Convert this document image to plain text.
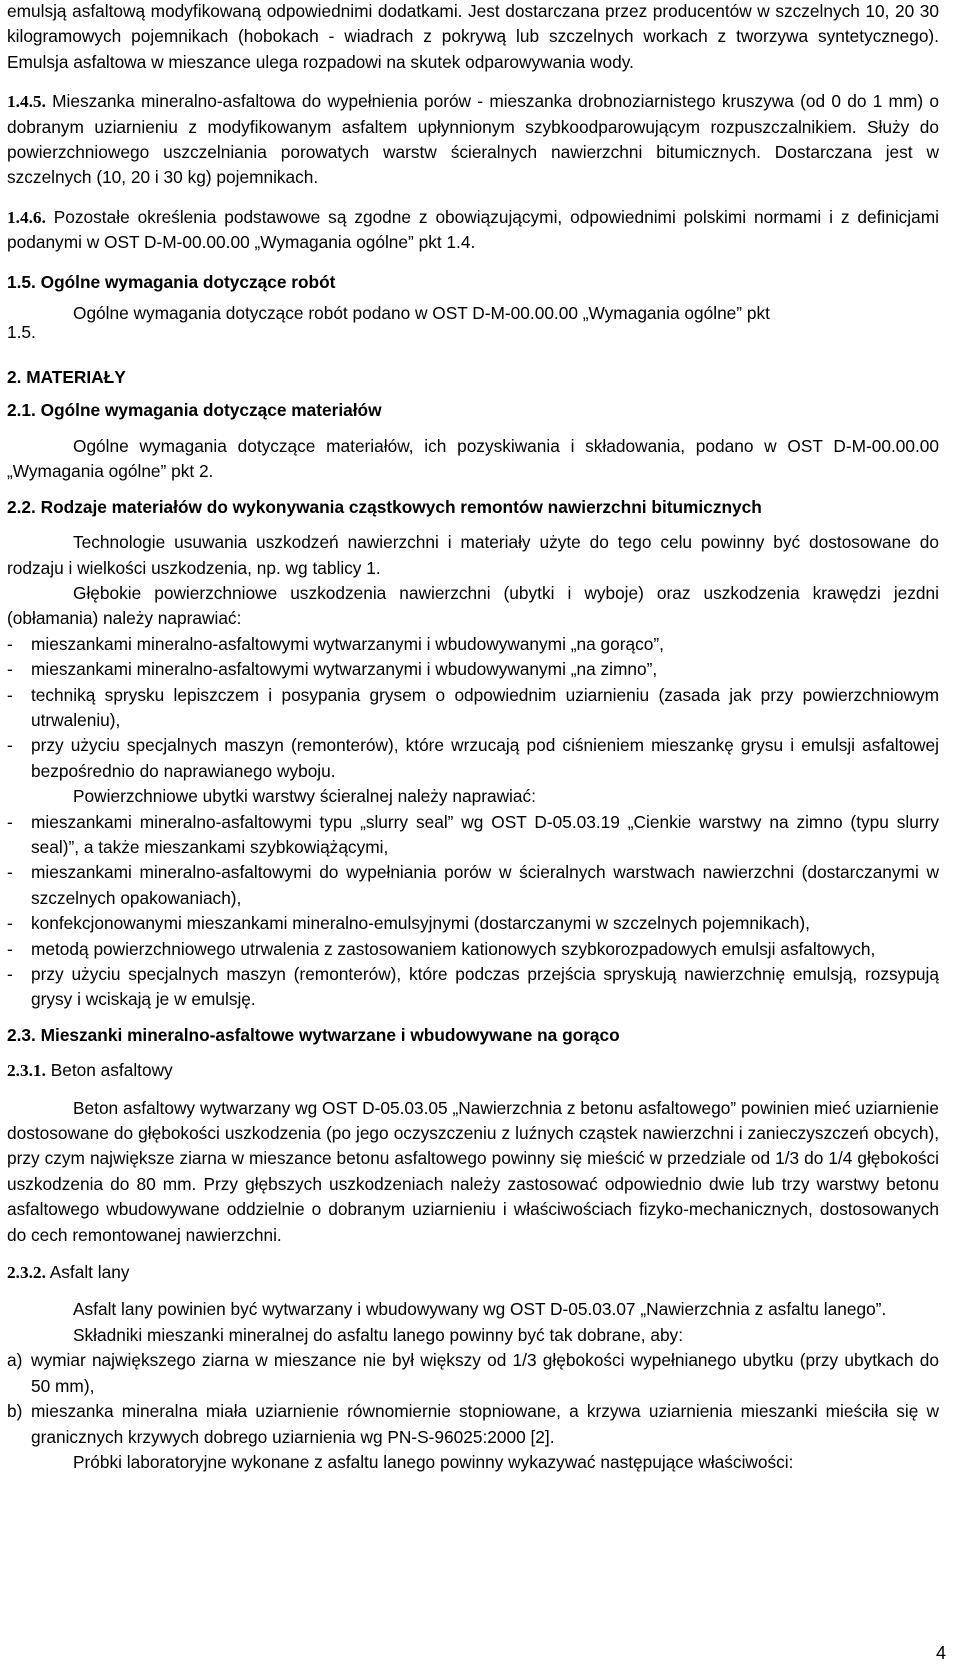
emulsją asfaltową modyfikowaną odpowiednimi dodatkami. Jest dostarczana przez producentów w szczelnych 10, 20 30 kilogramowych pojemnikach (hobokach - wiadrach z pokrywą lub szczelnych workach z tworzywa syntetycznego). Emulsja asfaltowa w mieszance ulega rozpadowi na skutek odparowywania wody.

1.4.5. Mieszanka mineralno-asfaltowa do wypełnienia porów - mieszanka drobnoziarnistego kruszywa (od 0 do 1 mm) o dobranym uziarnieniu z modyfikowanym asfaltem upłynnionym szybkoodparowującym rozpuszczalnikiem. Służy do powierzchniowego uszczelniania porowatych warstw ścieralnych nawierzchni bitumicznych. Dostarczana jest w szczelnych (10, 20 i 30 kg) pojemnikach.

1.4.6. Pozostałe określenia podstawowe są zgodne z obowiązującymi, odpowiednimi polskimi normami i z definicjami podanymi w OST D-M-00.00.00 „Wymagania ogólne” pkt 1.4.

1.5. Ogólne wymagania dotyczące robót

1.5.
Ogólne wymagania dotyczące robót podano w OST D-M-00.00.00 „Wymagania ogólne” pkt

2. MATERIAŁY

2.1. Ogólne wymagania dotyczące materiałów

Ogólne wymagania dotyczące materiałów, ich pozyskiwania i składowania, podano w OST D-M-00.00.00 „Wymagania ogólne” pkt 2.

2.2. Rodzaje materiałów do wykonywania cząstkowych remontów nawierzchni bitumicznych

Technologie usuwania uszkodzeń nawierzchni i materiały użyte do tego celu powinny być dostosowane do rodzaju i wielkości uszkodzenia, np. wg tablicy 1.

Głębokie powierzchniowe uszkodzenia nawierzchni (ubytki i wyboje) oraz uszkodzenia krawędzi jezdni (obłamania) należy naprawiać:

-	mieszankami mineralno-asfaltowymi wytwarzanymi i wbudowywanymi „na gorąco”,
-	mieszankami mineralno-asfaltowymi wytwarzanymi i wbudowywanymi „na zimno”,
-	techniką sprysku lepiszczem i posypania grysem o odpowiednim uziarnieniu (zasada jak przy powierzchniowym utrwaleniu),
-	przy użyciu specjalnych maszyn (remonterów), które wrzucają pod ciśnieniem mieszankę grysu i emulsji asfaltowej bezpośrednio do naprawianego wyboju.

Powierzchniowe ubytki warstwy ścieralnej należy naprawiać:

-	mieszankami mineralno-asfaltowymi typu „slurry seal” wg OST D-05.03.19 „Cienkie warstwy na zimno (typu slurry seal)”, a także mieszankami szybkowiążącymi,
-	mieszankami mineralno-asfaltowymi do wypełniania porów w ścieralnych warstwach nawierzchni (dostarczanymi w szczelnych opakowaniach),
-	konfekcjonowanymi mieszankami mineralno-emulsyjnymi (dostarczanymi w szczelnych pojemnikach),
-	metodą powierzchniowego utrwalenia z zastosowaniem kationowych szybkorozpadowych emulsji asfaltowych,
-	przy użyciu specjalnych maszyn (remonterów), które podczas przejścia spryskują nawierzchnię emulsją, rozsypują grysy i wciskają je w emulsję.

2.3. Mieszanki mineralno-asfaltowe wytwarzane i wbudowywane na gorąco

2.3.1. Beton asfaltowy

Beton asfaltowy wytwarzany wg OST D-05.03.05 „Nawierzchnia z betonu asfaltowego” powinien mieć uziarnienie dostosowane do głębokości uszkodzenia (po jego oczyszczeniu z luźnych cząstek nawierzchni i zanieczyszczeń obcych), przy czym największe ziarna w mieszance betonu asfaltowego powinny się mieścić w przedziale od 1/3 do 1/4 głębokości uszkodzenia do 80 mm. Przy głębszych uszkodzeniach należy zastosować odpowiednio dwie lub trzy warstwy betonu asfaltowego wbudowywane oddzielnie o dobranym uziarnieniu i właściwościach fizyko-mechanicznych, dostosowanych do cech remontowanej nawierzchni.

2.3.2. Asfalt lany

Asfalt lany powinien być wytwarzany i wbudowywany wg OST D-05.03.07 „Nawierzchnia z asfaltu lanego”.

Składniki mieszanki mineralnej do asfaltu lanego powinny być tak dobrane, aby:

a) wymiar największego ziarna w mieszance nie był większy od 1/3 głębokości wypełnianego ubytku (przy ubytkach do 50 mm),
b) mieszanka mineralna miała uziarnienie równomiernie stopniowane, a krzywa uziarnienia mieszanki mieściła się w granicznych krzywych dobrego uziarnienia wg PN-S-96025:2000 [2].

Próbki laboratoryjne wykonane z asfaltu lanego powinny wykazywać następujące właściwości:

4
